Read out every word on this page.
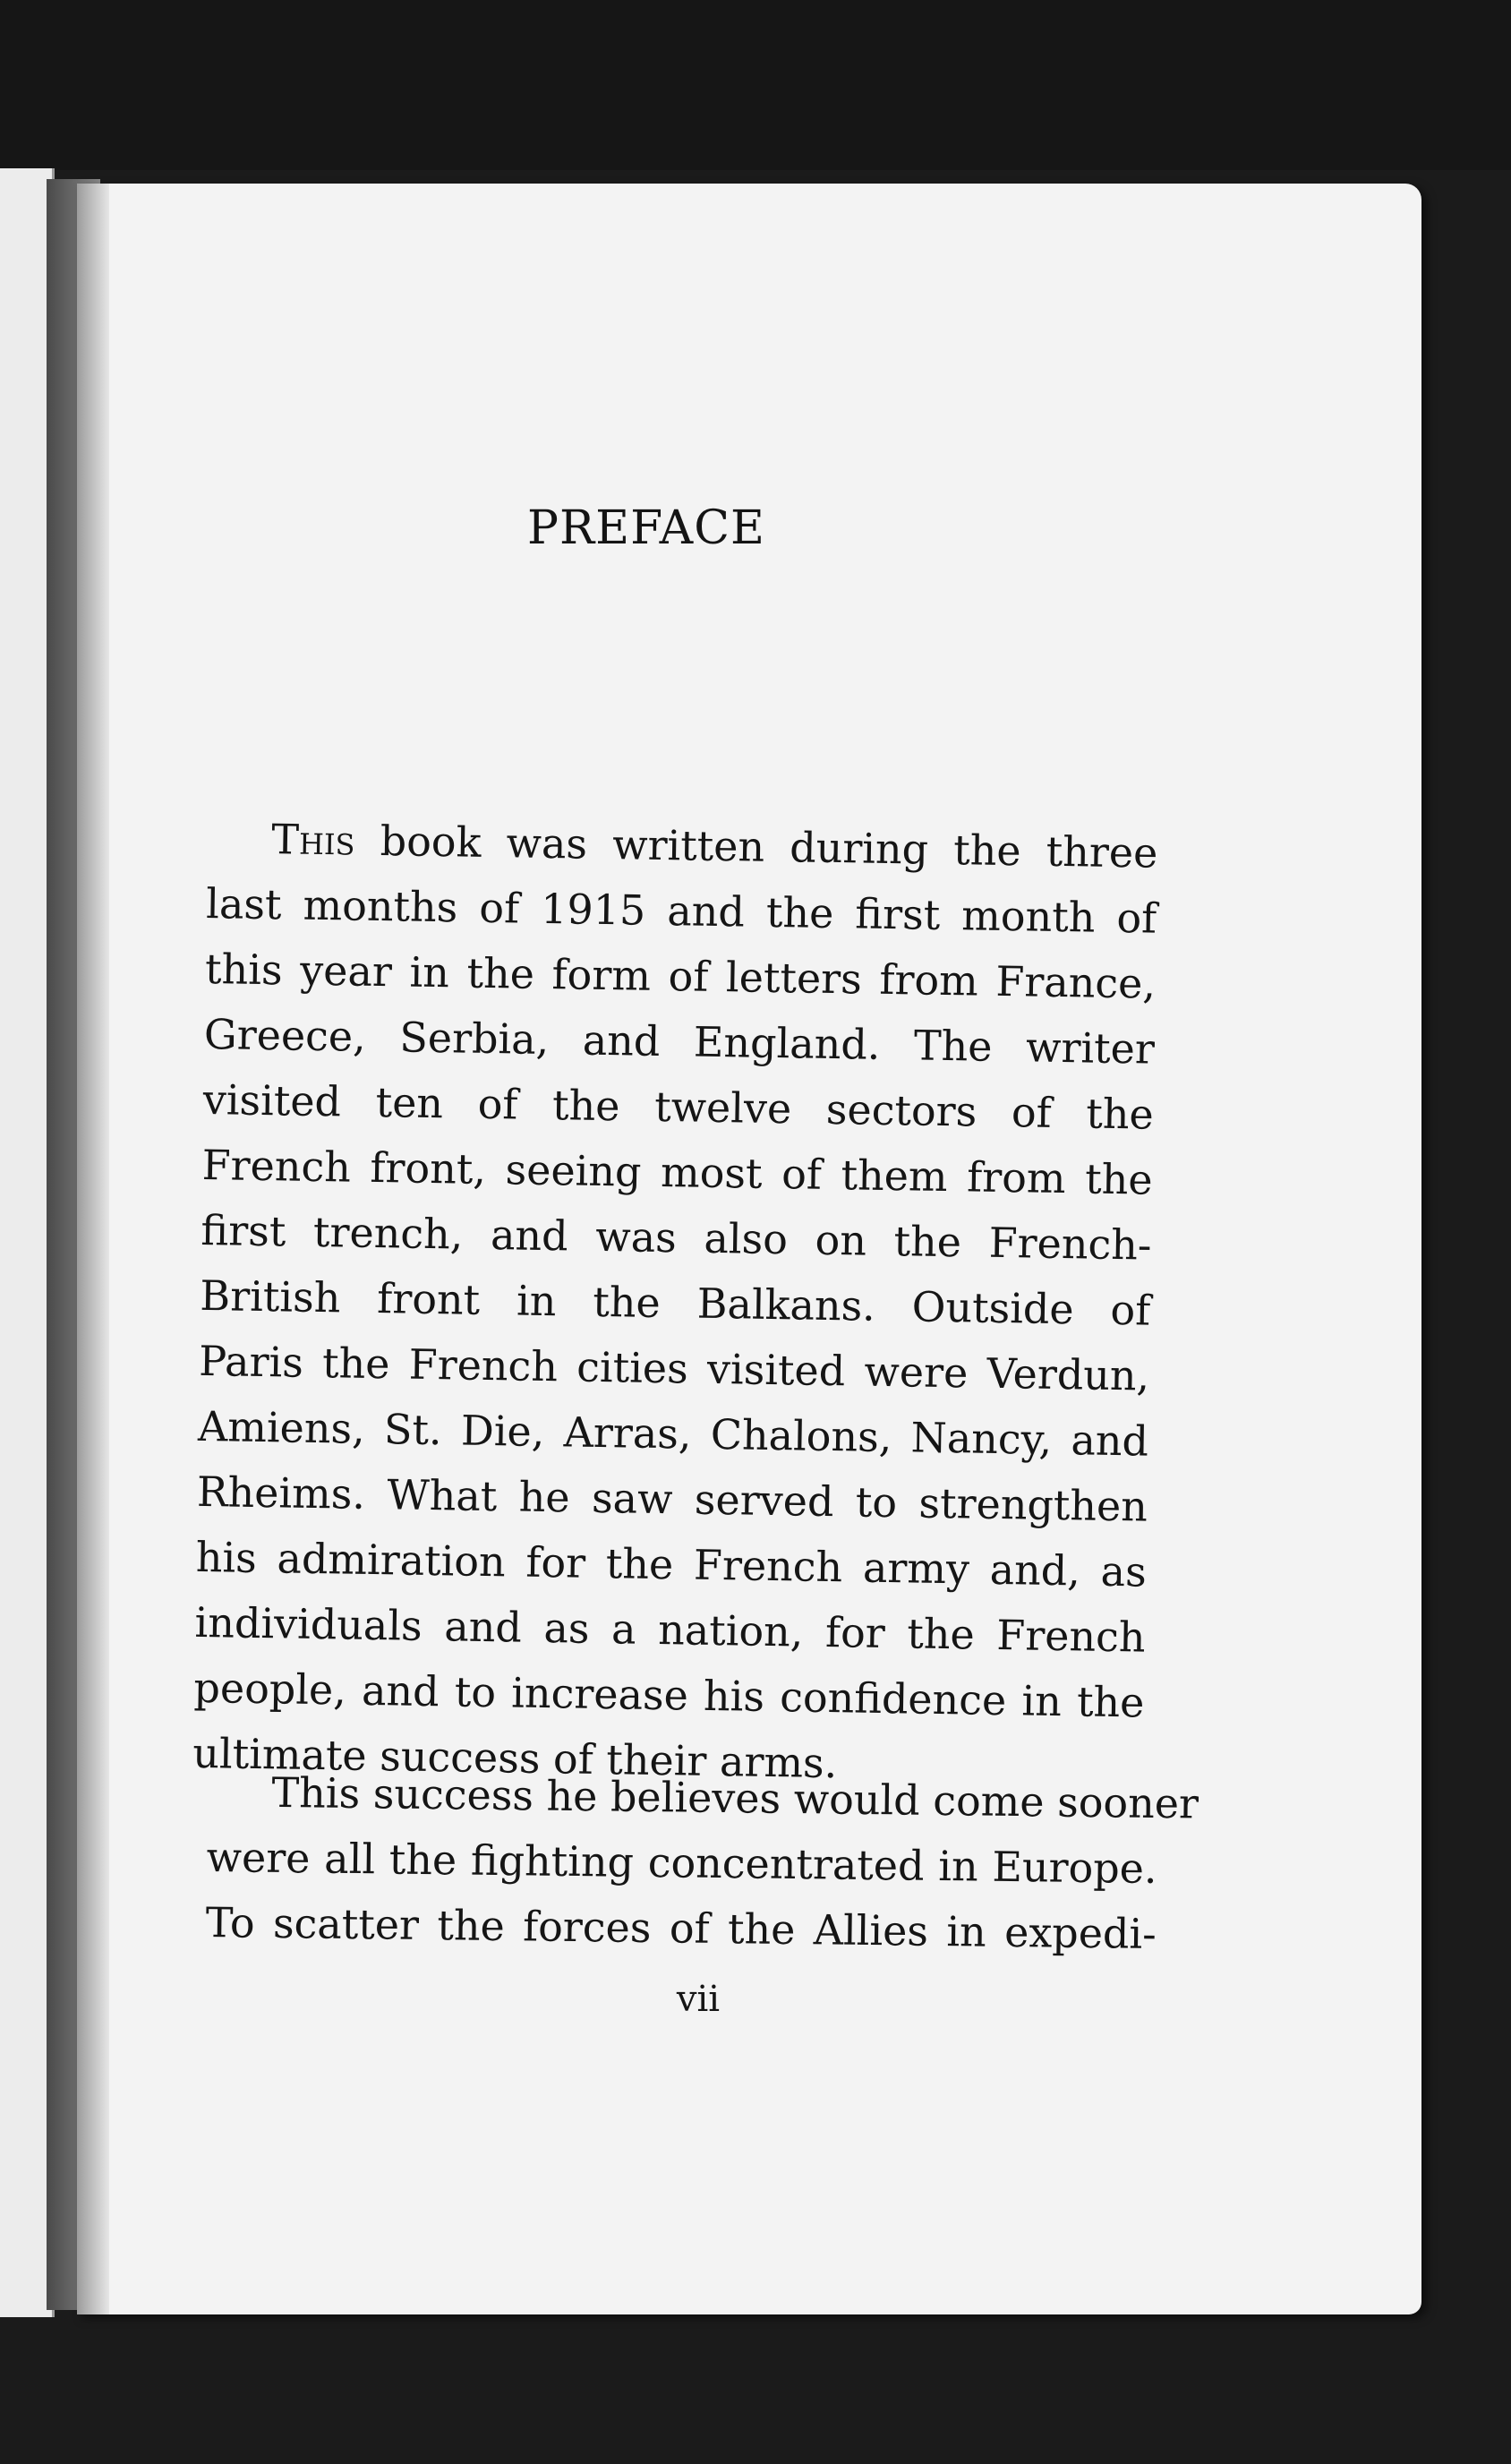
PREFACE
This book was written during the three
last months of 1915 and the first month of
this year in the form of letters from France,
Greece, Serbia, and England. The writer
visited ten of the twelve sectors of the
French front, seeing most of them from the
first trench, and was also on the French-
British front in the Balkans. Outside of
Paris the French cities visited were Verdun,
Amiens, St. Die, Arras, Chalons, Nancy, and
Rheims. What he saw served to strengthen
his admiration for the French army and, as
individuals and as a nation, for the French
people, and to increase his confidence in the
ultimate success of their arms.
This success he believes would come sooner
were all the fighting concentrated in Europe.
To scatter the forces of the Allies in expedi-
vii
